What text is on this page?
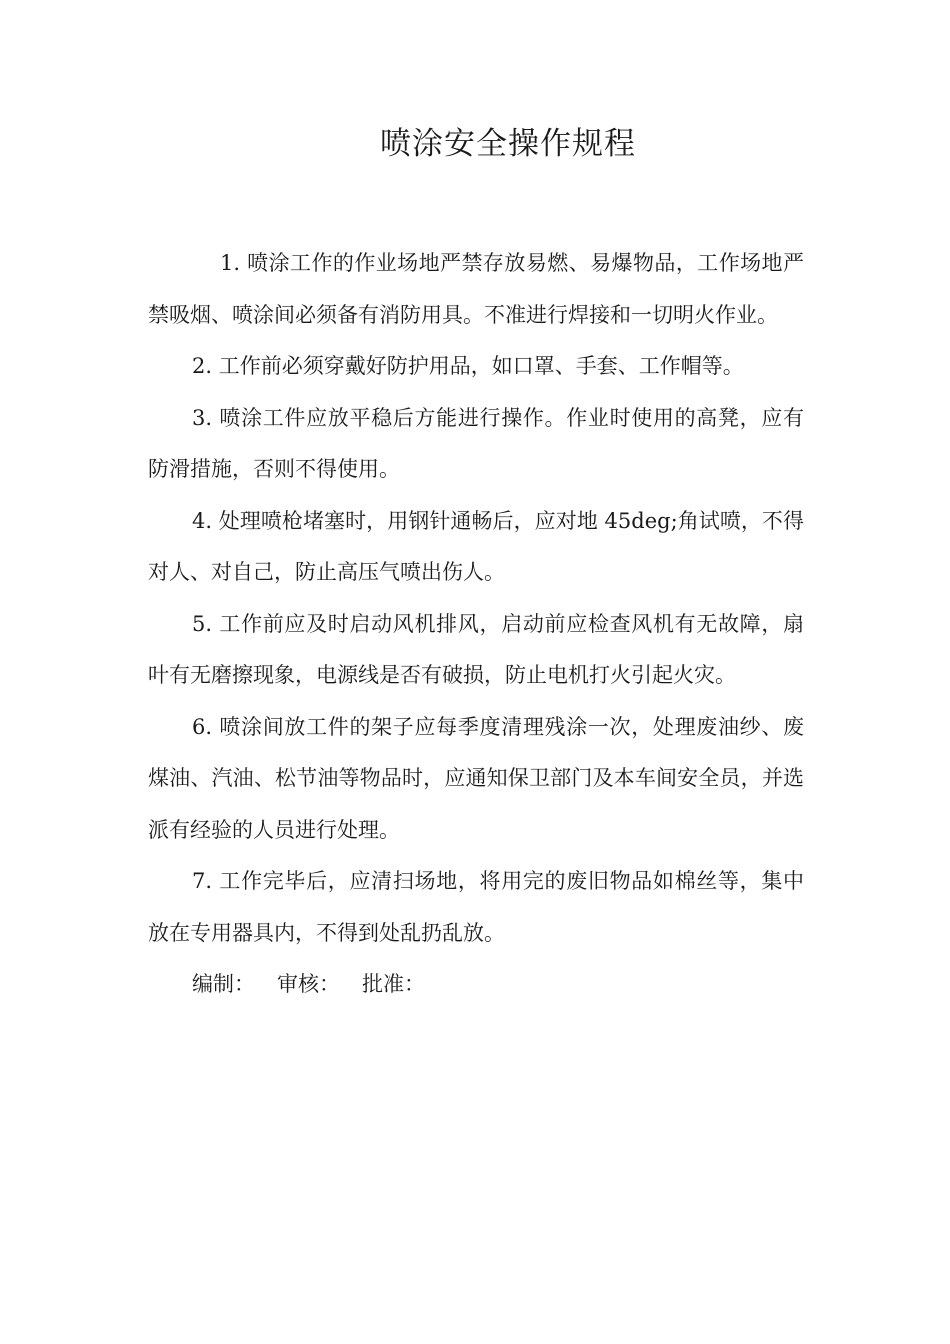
喷涂安全操作规程

1. 喷涂工作的作业场地严禁存放易燃、易爆物品，工作场地严禁吸烟、喷涂间必须备有消防用具。不准进行焊接和一切明火作业。

2. 工作前必须穿戴好防护用品，如口罩、手套、工作帽等。

3. 喷涂工件应放平稳后方能进行操作。作业时使用的高凳，应有防滑措施，否则不得使用。

4. 处理喷枪堵塞时，用钢针通畅后，应对地 45deg;角试喷，不得对人、对自己，防止高压气喷出伤人。

5. 工作前应及时启动风机排风，启动前应检查风机有无故障，扇叶有无磨擦现象，电源线是否有破损，防止电机打火引起火灾。

6. 喷涂间放工件的架子应每季度清理残涂一次，处理废油纱、废煤油、汽油、松节油等物品时，应通知保卫部门及本车间安全员，并选派有经验的人员进行处理。

7. 工作完毕后，应清扫场地，将用完的废旧物品如棉丝等，集中放在专用器具内，不得到处乱扔乱放。

编制： 审核： 批准：
